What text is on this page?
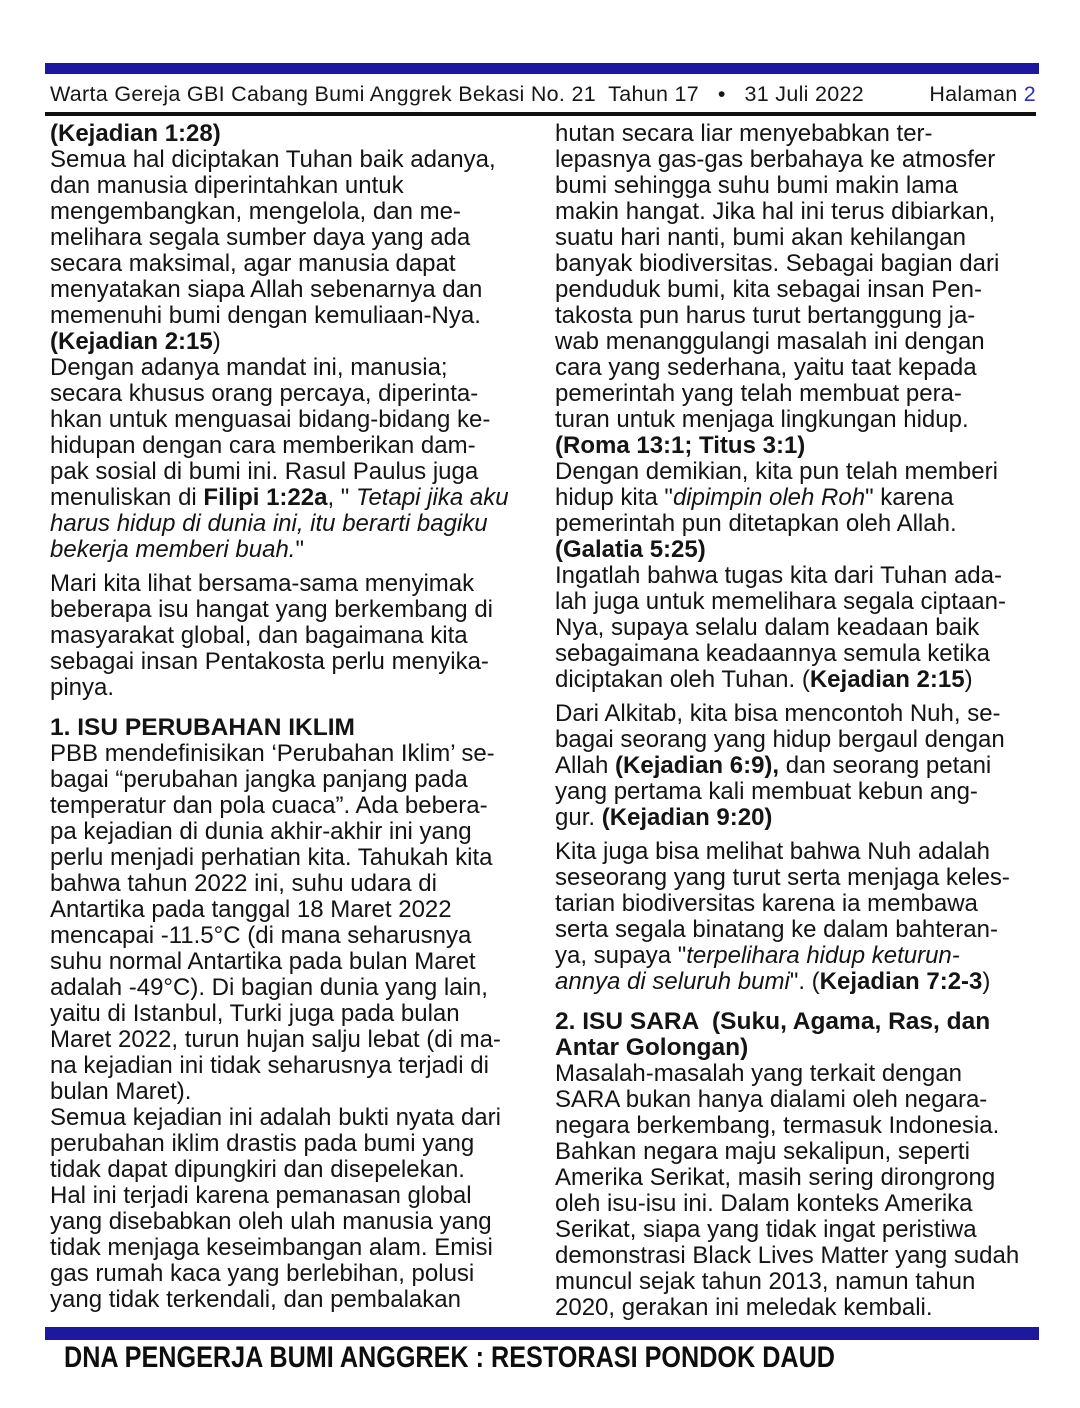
Warta Gereja GBI Cabang Bumi Anggrek Bekasi No. 21  Tahun 17   •   31 Juli 2022	Halaman 2
(Kejadian 1:28)
Semua hal diciptakan Tuhan baik adanya,
dan manusia diperintahkan untuk
mengembangkan, mengelola, dan me-
melihara segala sumber daya yang ada
secara maksimal, agar manusia dapat
menyatakan siapa Allah sebenarnya dan
memenuhi bumi dengan kemuliaan-Nya.
(Kejadian 2:15)
Dengan adanya mandat ini, manusia;
secara khusus orang percaya, diperinta-
hkan untuk menguasai bidang-bidang ke-
hidupan dengan cara memberikan dam-
pak sosial di bumi ini. Rasul Paulus juga
menuliskan di Filipi 1:22a, " Tetapi jika aku
harus hidup di dunia ini, itu berarti bagiku
bekerja memberi buah."
Mari kita lihat bersama-sama menyimak
beberapa isu hangat yang berkembang di
masyarakat global, dan bagaimana kita
sebagai insan Pentakosta perlu menyika-
pinya.
1. ISU PERUBAHAN IKLIM
PBB mendefinisikan ‘Perubahan Iklim’ se-
bagai “perubahan jangka panjang pada
temperatur dan pola cuaca”. Ada bebera-
pa kejadian di dunia akhir-akhir ini yang
perlu menjadi perhatian kita. Tahukah kita
bahwa tahun 2022 ini, suhu udara di
Antartika pada tanggal 18 Maret 2022
mencapai -11.5°C (di mana seharusnya
suhu normal Antartika pada bulan Maret
adalah -49°C). Di bagian dunia yang lain,
yaitu di Istanbul, Turki juga pada bulan
Maret 2022, turun hujan salju lebat (di ma-
na kejadian ini tidak seharusnya terjadi di
bulan Maret).
Semua kejadian ini adalah bukti nyata dari
perubahan iklim drastis pada bumi yang
tidak dapat dipungkiri dan disepelekan.
Hal ini terjadi karena pemanasan global
yang disebabkan oleh ulah manusia yang
tidak menjaga keseimbangan alam. Emisi
gas rumah kaca yang berlebihan, polusi
yang tidak terkendali, dan pembalakan
hutan secara liar menyebabkan ter-
lepasnya gas-gas berbahaya ke atmosfer
bumi sehingga suhu bumi makin lama
makin hangat. Jika hal ini terus dibiarkan,
suatu hari nanti, bumi akan kehilangan
banyak biodiversitas. Sebagai bagian dari
penduduk bumi, kita sebagai insan Pen-
takosta pun harus turut bertanggung ja-
wab menanggulangi masalah ini dengan
cara yang sederhana, yaitu taat kepada
pemerintah yang telah membuat pera-
turan untuk menjaga lingkungan hidup.
(Roma 13:1; Titus 3:1)
Dengan demikian, kita pun telah memberi
hidup kita "dipimpin oleh Roh" karena
pemerintah pun ditetapkan oleh Allah.
(Galatia 5:25)
Ingatlah bahwa tugas kita dari Tuhan ada-
lah juga untuk memelihara segala ciptaan-
Nya, supaya selalu dalam keadaan baik
sebagaimana keadaannya semula ketika
diciptakan oleh Tuhan. (Kejadian 2:15)
Dari Alkitab, kita bisa mencontoh Nuh, se-
bagai seorang yang hidup bergaul dengan
Allah (Kejadian 6:9), dan seorang petani
yang pertama kali membuat kebun ang-
gur. (Kejadian 9:20)
Kita juga bisa melihat bahwa Nuh adalah
seseorang yang turut serta menjaga keles-
tarian biodiversitas karena ia membawa
serta segala binatang ke dalam bahteran-
ya, supaya "terpelihara hidup keturun-
annya di seluruh bumi". (Kejadian 7:2-3)
2. ISU SARA  (Suku, Agama, Ras, dan
Antar Golongan)
Masalah-masalah yang terkait dengan
SARA bukan hanya dialami oleh negara-
negara berkembang, termasuk Indonesia.
Bahkan negara maju sekalipun, seperti
Amerika Serikat, masih sering dirongrong
oleh isu-isu ini. Dalam konteks Amerika
Serikat, siapa yang tidak ingat peristiwa
demonstrasi Black Lives Matter yang sudah
muncul sejak tahun 2013, namun tahun
2020, gerakan ini meledak kembali.
DNA PENGERJA BUMI ANGGREK : RESTORASI PONDOK DAUD
